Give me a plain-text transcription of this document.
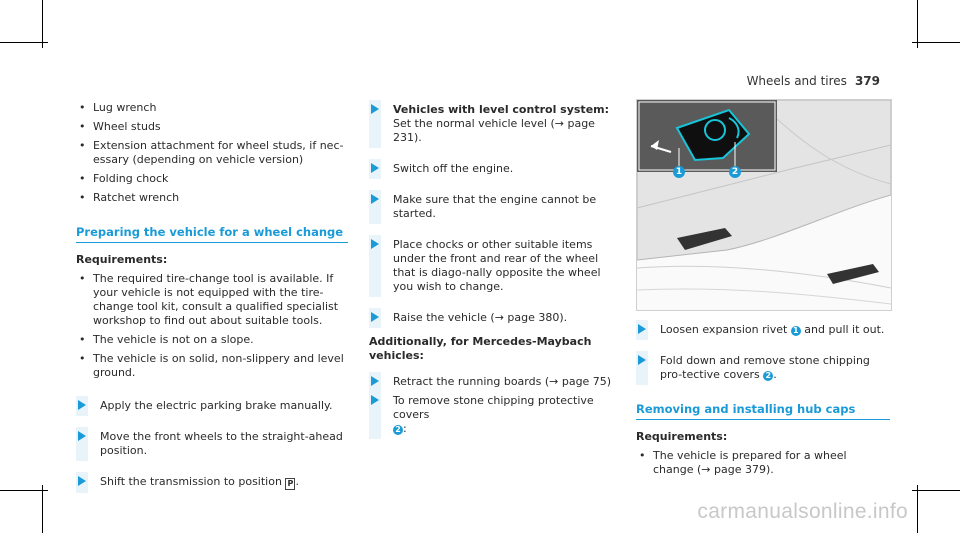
Wheels and tires 379
• Lug wrench
• Wheel studs
• Extension attachment for wheel studs, if nec-essary (depending on vehicle version)
• Folding chock
• Ratchet wrench
Preparing the vehicle for a wheel change
Requirements:
• The required tire-change tool is available. If your vehicle is not equipped with the tire-change tool kit, consult a qualified specialist workshop to find out about suitable tools.
• The vehicle is not on a slope.
• The vehicle is on solid, non-slippery and level ground.
Apply the electric parking brake manually.
Move the front wheels to the straight-ahead position.
Shift the transmission to position P .
Vehicles with level control system: Set the normal vehicle level (→ page 231).
Switch off the engine.
Make sure that the engine cannot be started.
Place chocks or other suitable items under the front and rear of the wheel that is diago-nally opposite the wheel you wish to change.
Raise the vehicle (→ page 380).
Additionally, for Mercedes-Maybach vehicles:
Retract the running boards (→ page 75)
To remove stone chipping protective covers
2 :
1	2
Loosen expansion rivet 1 and pull it out.
Fold down and remove stone chipping pro-tective covers 2 .
Removing and installing hub caps
Requirements:
• The vehicle is prepared for a wheel change (→ page 379).
carmanualsonline.info
